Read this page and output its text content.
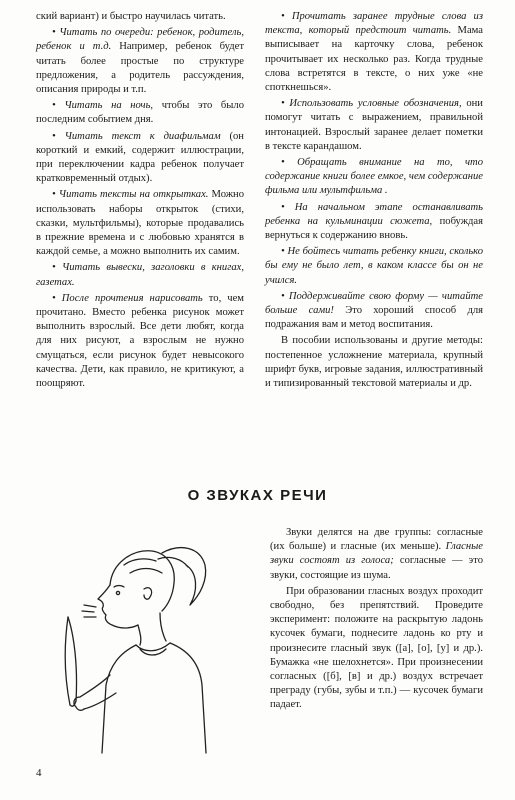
ский вариант) и быстро научилась читать.

• Читать по очереди: ребенок, родитель, ребенок и т.д. Например, ребенок будет читать более простые по структуре предложения, а родитель рассуждения, описания природы и т.п.

• Читать на ночь, чтобы это было последним событием дня.

• Читать текст к диафильмам (он короткий и емкий, содержит иллюстрации, при переключении кадра ребенок получает кратковременный отдых).

• Читать тексты на открытках. Можно использовать наборы открыток (стихи, сказки, мультфильмы), которые продавались в прежние времена и с любовью хранятся в каждой семье, а можно выполнить их самим.

• Читать вывески, заголовки в книгах, газетах.

• После прочтения нарисовать то, чем прочитано. Вместо ребенка рисунок может выполнить взрослый. Все дети любят, когда для них рисуют, а взрослым не нужно смущаться, если рисунок будет невысокого качества. Дети, как правило, не критикуют, а поощряют.

• Прочитать заранее трудные слова из текста, который предстоит читать. Мама выписывает на карточку слова, ребенок прочитывает их несколько раз. Когда трудные слова встретятся в тексте, о них уже «не споткнешься».

• Использовать условные обозначения, они помогут читать с выражением, правильной интонацией. Взрослый заранее делает пометки в тексте карандашом.

• Обращать внимание на то, что содержание книги более емкое, чем содержание фильма или мультфильма .

• На начальном этапе останавливать ребенка на кульминации сюжета, побуждая вернуться к содержанию вновь.

• Не бойтесь читать ребенку книги, сколько бы ему не было лет, в каком классе бы он не учился.

• Поддерживайте свою форму — читайте больше сами! Это хороший способ для подражания вам и метод воспитания.

В пособии использованы и другие методы: постепенное усложнение материала, крупный шрифт букв, игровые задания, иллюстративный и типизированный текстовой материалы и др.

О ЗВУКАХ РЕЧИ

Звуки делятся на две группы: согласные (их больше) и гласные (их меньше). Гласные звуки состоят из голоса; согласные — это звуки, состоящие из шума.

При образовании гласных воздух проходит свободно, без препятствий. Проведите эксперимент: положите на раскрытую ладонь кусочек бумаги, поднесите ладонь ко рту и произнесите гласный звук ([а], [о], [у] и др.). Бумажка «не шелохнется». При произнесении согласных ([б], [в] и др.) воздух встречает преграду (губы, зубы и т.п.) — кусочек бумаги падает.

4
